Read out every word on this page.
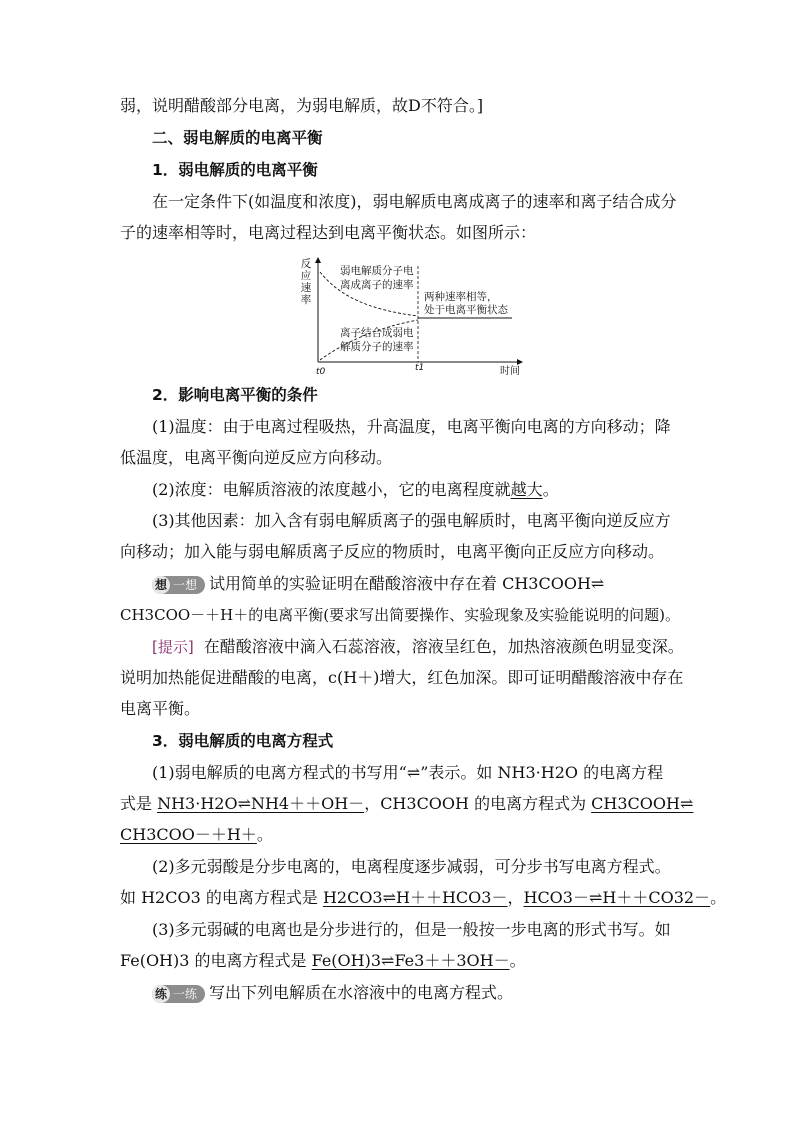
弱，说明醋酸部分电离，为弱电解质，故D不符合。]
二、弱电解质的电离平衡
1．弱电解质的电离平衡
在一定条件下(如温度和浓度)，弱电解质电离成离子的速率和离子结合成分
子的速率相等时，电离过程达到电离平衡状态。如图所示：
反应速率
弱电解质分子电
离成离子的速率
离子结合成弱电
解质分子的速率
两种速率相等，
处于电离平衡状态
t0	t1	时间
2．影响电离平衡的条件
(1)温度：由于电离过程吸热，升高温度，电离平衡向电离的方向移动；降
低温度，电离平衡向逆反应方向移动。
(2)浓度：电解质溶液的浓度越小，它的电离程度就越大。
(3)其他因素：加入含有弱电解质离子的强电解质时，电离平衡向逆反应方
向移动；加入能与弱电解质离子反应的物质时，电离平衡向正反应方向移动。
想 一想 试用简单的实验证明在醋酸溶液中存在着 CH3COOH⇌
CH3COO－＋H＋的电离平衡(要求写出简要操作、实验现象及实验能说明的问题)。
[提示] 在醋酸溶液中滴入石蕊溶液，溶液呈红色，加热溶液颜色明显变深。
说明加热能促进醋酸的电离，c(H＋)增大，红色加深。即可证明醋酸溶液中存在
电离平衡。
3．弱电解质的电离方程式
(1)弱电解质的电离方程式的书写用“⇌”表示。如 NH3·H2O 的电离方程
式是 NH3·H2O⇌NH4＋＋OH－，CH3COOH 的电离方程式为 CH3COOH⇌
CH3COO－＋H＋。
(2)多元弱酸是分步电离的，电离程度逐步减弱，可分步书写电离方程式。
如 H2CO3 的电离方程式是 H2CO3⇌H＋＋HCO3－，HCO3－⇌H＋＋CO32－。
(3)多元弱碱的电离也是分步进行的，但是一般按一步电离的形式书写。如
Fe(OH)3 的电离方程式是 Fe(OH)3⇌Fe3＋＋3OH－。
练 一练 写出下列电解质在水溶液中的电离方程式。
